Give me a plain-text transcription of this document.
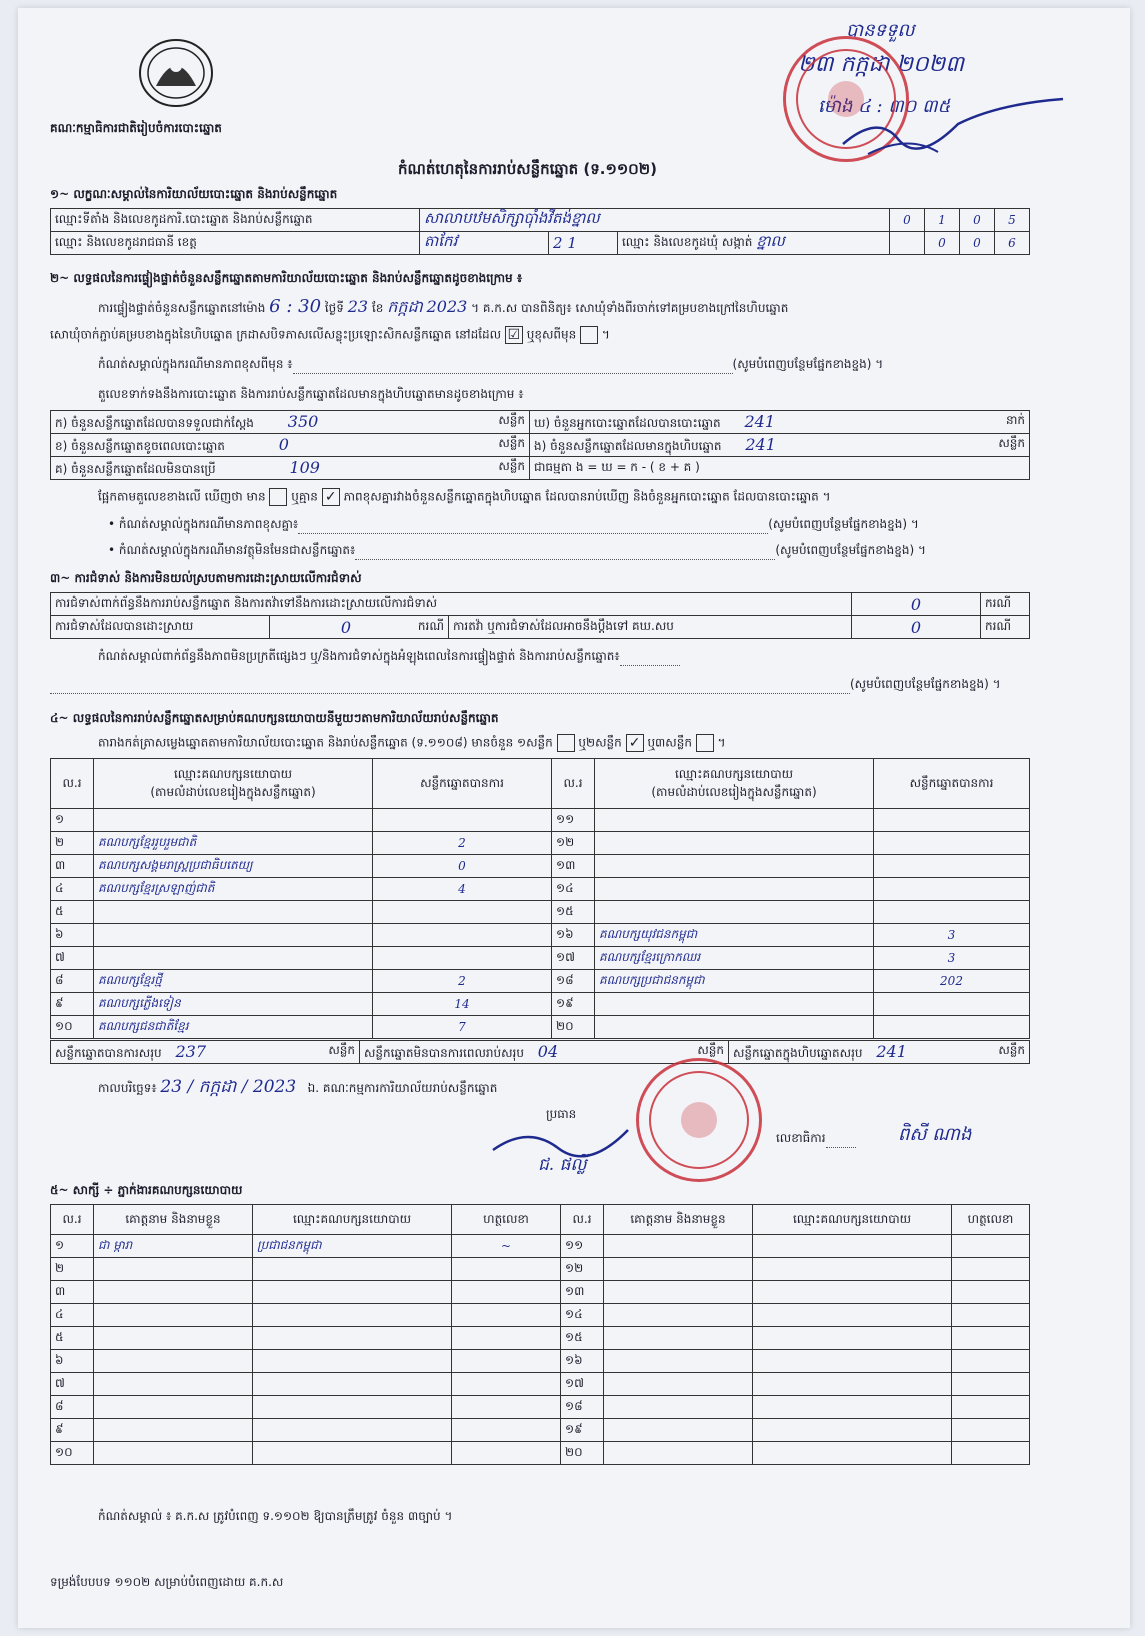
គណៈកម្មាធិការជាតិរៀបចំការបោះឆ្នោត
កំណត់ហេតុនៃការរាប់សន្លឹកឆ្នោត (ទ.១១០២)
បានទទួល
២៣ កក្កដា ២០២៣
ម៉ោង ៤ : ៣០ ៣៥
១~ លក្ខណៈសម្គាល់នៃការិយាល័យបោះឆ្នោត និងរាប់សន្លឹកឆ្នោត
ឈ្មោះទីតាំង និងលេខកូដការិ.បោះឆ្នោត និងរាប់សន្លឹកឆ្នោត	សាលាបឋមសិក្សាប៉ាំងវីតង់ខ្នាល			0	1	0	5
ឈ្មោះ និងលេខកូដរាជធានី ខេត្ត	តាកែវ	2 1	ឈ្មោះ និងលេខកូដឃុំ សង្កាត់ ខ្នាល		0	0	6
២~ លទ្ធផលនៃការផ្ទៀងផ្ទាត់ចំនួនសន្លឹកឆ្នោតតាមការិយាល័យបោះឆ្នោត និងរាប់សន្លឹកឆ្នោតដូចខាងក្រោម ៖
ការផ្ទៀងផ្ទាត់ចំនួនសន្លឹកឆ្នោតនៅម៉ោង 6 : 30 ថ្ងៃទី 23 ខែ កក្កដា 2023 ។ គ.ក.ស បានពិនិត្យ៖ សោឃុំទាំងពីរចាក់ទៅគម្របខាងក្រៅនៃហិបឆ្នោត
សោឃុំចាក់ភ្ជាប់គម្របខាងក្នុងនៃហិបឆ្នោត ក្រដាសបិទភាសលើសន្លុះប្រឡោះសិកសន្លឹកឆ្នោត នៅដដែល ☑ ឬខុសពីមុន  ។
កំណត់សម្គាល់ក្នុងករណីមានភាពខុសពីមុន ៖	(សូមបំពេញបន្ថែមផ្នែកខាងខ្នង) ។
តួលេខទាក់ទងនឹងការបោះឆ្នោត និងការរាប់សន្លឹកឆ្នោតដែលមានក្នុងហិបឆ្នោតមានដូចខាងក្រោម ៖
ក) ចំនួនសន្លឹកឆ្នោតដែលបានទទួលជាក់ស្តែង 350 សន្លឹក	ឃ) ចំនួនអ្នកបោះឆ្នោតដែលបានបោះឆ្នោត 241 នាក់

ខ) ចំនួនសន្លឹកឆ្នោតខូចពេលបោះឆ្នោត 0 សន្លឹក	ង) ចំនួនសន្លឹកឆ្នោតដែលមានក្នុងហិបឆ្នោត 241 សន្លឹក

គ) ចំនួនសន្លឹកឆ្នោតដែលមិនបានប្រើ 109 សន្លឹក	ជាធម្មតា ង = ឃ = ក - ( ខ + គ )
ផ្អែកតាមតួលេខខាងលើ ឃើញថា មាន ឬគ្មាន ✓ ភាពខុសគ្នារវាងចំនួនសន្លឹកឆ្នោតក្នុងហិបឆ្នោត ដែលបានរាប់ឃើញ និងចំនួនអ្នកបោះឆ្នោត ដែលបានបោះឆ្នោត ។
• កំណត់សម្គាល់ក្នុងករណីមានភាពខុសគ្នា៖	(សូមបំពេញបន្ថែមផ្នែកខាងខ្នង) ។
• កំណត់សម្គាល់ក្នុងករណីមានវត្ថុមិនមែនជាសន្លឹកឆ្នោត៖	(សូមបំពេញបន្ថែមផ្នែកខាងខ្នង) ។
៣~ ការជំទាស់ និងការមិនយល់ស្របតាមការដោះស្រាយលើការជំទាស់
ការជំទាស់ពាក់ព័ន្ធនឹងការរាប់សន្លឹកឆ្នោត និងការតវ៉ាទៅនឹងការដោះស្រាយលើការជំទាស់			0	ករណី
ការជំទាស់ដែលបានដោះស្រាយ	0 ករណី	ការតវ៉ា ឬការជំទាស់ដែលអាចនឹងប្តឹងទៅ គឃ.សប	0	ករណី
កំណត់សម្គាល់ពាក់ព័ន្ធនឹងភាពមិនប្រក្រតីផ្សេងៗ ឬ/និងការជំទាស់ក្នុងអំឡុងពេលនៃការផ្ទៀងផ្ទាត់ និងការរាប់សន្លឹកឆ្នោត៖
(សូមបំពេញបន្ថែមផ្នែកខាងខ្នង) ។
៤~ លទ្ធផលនៃការរាប់សន្លឹកឆ្នោតសម្រាប់គណបក្សនយោបាយនីមួយៗតាមការិយាល័យរាប់សន្លឹកឆ្នោត
តារាងកត់ត្រាសម្លេងឆ្នោតតាមការិយាល័យបោះឆ្នោត និងរាប់សន្លឹកឆ្នោត (ទ.១១០៨) មានចំនួន ១សន្លឹក ឬ២សន្លឹក ✓ ឬ៣សន្លឹក  ។
ល.រ	ឈ្មោះគណបក្សនយោបាយ
(តាមលំដាប់លេខរៀងក្នុងសន្លឹកឆ្នោត)	សន្លឹកឆ្នោតបានការ	ល.រ	ឈ្មោះគណបក្សនយោបាយ
(តាមលំដាប់លេខរៀងក្នុងសន្លឹកឆ្នោត)	សន្លឹកឆ្នោតបានការ
១			១១		
២	គណបក្សខ្មែររួបរួមជាតិ	2	១២		
៣	គណបក្សសង្គមរាស្ត្រប្រជាធិបតេយ្យ	0	១៣		
៤	គណបក្សខ្មែរស្រឡាញ់ជាតិ	4	១៤		
៥			១៥		
៦			១៦	គណបក្សយុវជនកម្ពុជា	3
៧			១៧	គណបក្សខ្មែរក្រោកឈរ	3
៨	គណបក្សខ្មែរថ្មី	2	១៨	គណបក្សប្រជាជនកម្ពុជា	202
៩	គណបក្សភ្លើងទៀន	14	១៩		
១០	គណបក្សជនជាតិខ្មែរ	7	២០		
សន្លឹកឆ្នោតបានការសរុប 237	សន្លឹក	សន្លឹកឆ្នោតមិនបានការពេលរាប់សរុប 04	សន្លឹក	សន្លឹកឆ្នោតក្នុងហិបឆ្នោតសរុប 241	សន្លឹក
កាលបរិច្ឆេទ៖ 23 / កក្កដា / 2023 ឯ. គណៈកម្មការការិយាល័យរាប់សន្លឹកឆ្នោត
ប្រធាន
ជ. ផល្លី
លេខាធិការ	ពិសី ណាង
៥~ សាក្សី ÷ ភ្នាក់ងារគណបក្សនយោបាយ
ល.រ	គោត្តនាម និងនាមខ្លួន	ឈ្មោះគណបក្សនយោបាយ	ហត្ថលេខា	ល.រ	គោត្តនាម និងនាមខ្លួន	ឈ្មោះគណបក្សនយោបាយ	ហត្ថលេខា
១	ជា ម្ការា	ប្រជាជនកម្ពុជា	~	១១			
២				១២			
៣				១៣			
៤				១៤			
៥				១៥			
៦				១៦			
៧				១៧			
៨				១៨			
៩				១៩			
១០				២០			
កំណត់សម្គាល់ ៖ គ.ក.ស ត្រូវបំពេញ ទ.១១០២ ឱ្យបានត្រឹមត្រូវ ចំនួន ៣ច្បាប់ ។
ទម្រង់បែបបទ ១១០២ សម្រាប់បំពេញដោយ គ.ក.ស
